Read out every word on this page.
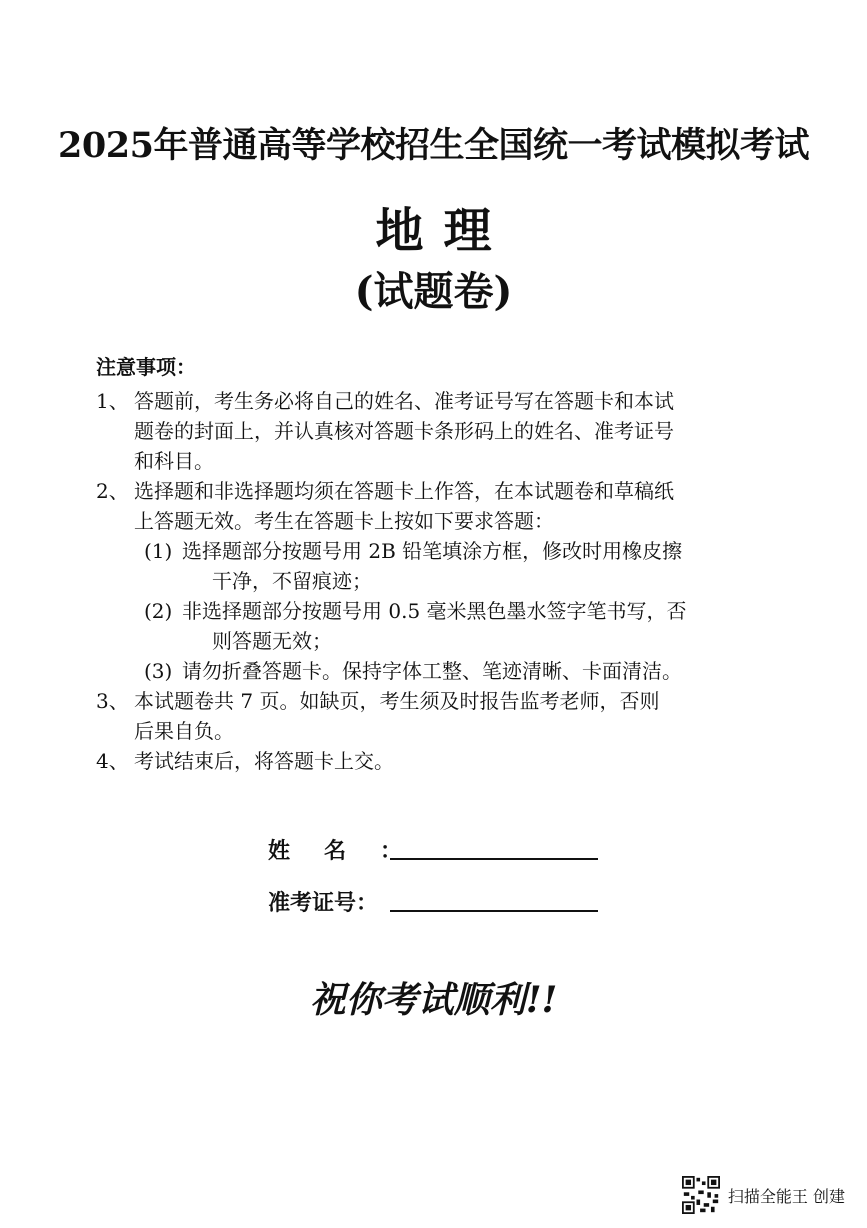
2025年普通高等学校招生全国统一考试模拟考试
地 理
(试题卷)
注意事项：
1、 答题前，考生务必将自己的姓名、准考证号写在答题卡和本试
题卷的封面上，并认真核对答题卡条形码上的姓名、准考证号
和科目。
2、 选择题和非选择题均须在答题卡上作答，在本试题卷和草稿纸
上答题无效。考生在答题卡上按如下要求答题：
(1) 选择题部分按题号用 2B 铅笔填涂方框，修改时用橡皮擦
干净，不留痕迹；
(2) 非选择题部分按题号用 0.5 毫米黑色墨水签字笔书写，否
则答题无效；
(3) 请勿折叠答题卡。保持字体工整、笔迹清晰、卡面清洁。
3、 本试题卷共 7 页。如缺页，考生须及时报告监考老师，否则
后果自负。
4、 考试结束后，将答题卡上交。
姓名：
准考证号：
祝你考试顺利!!
扫描全能王 创建
